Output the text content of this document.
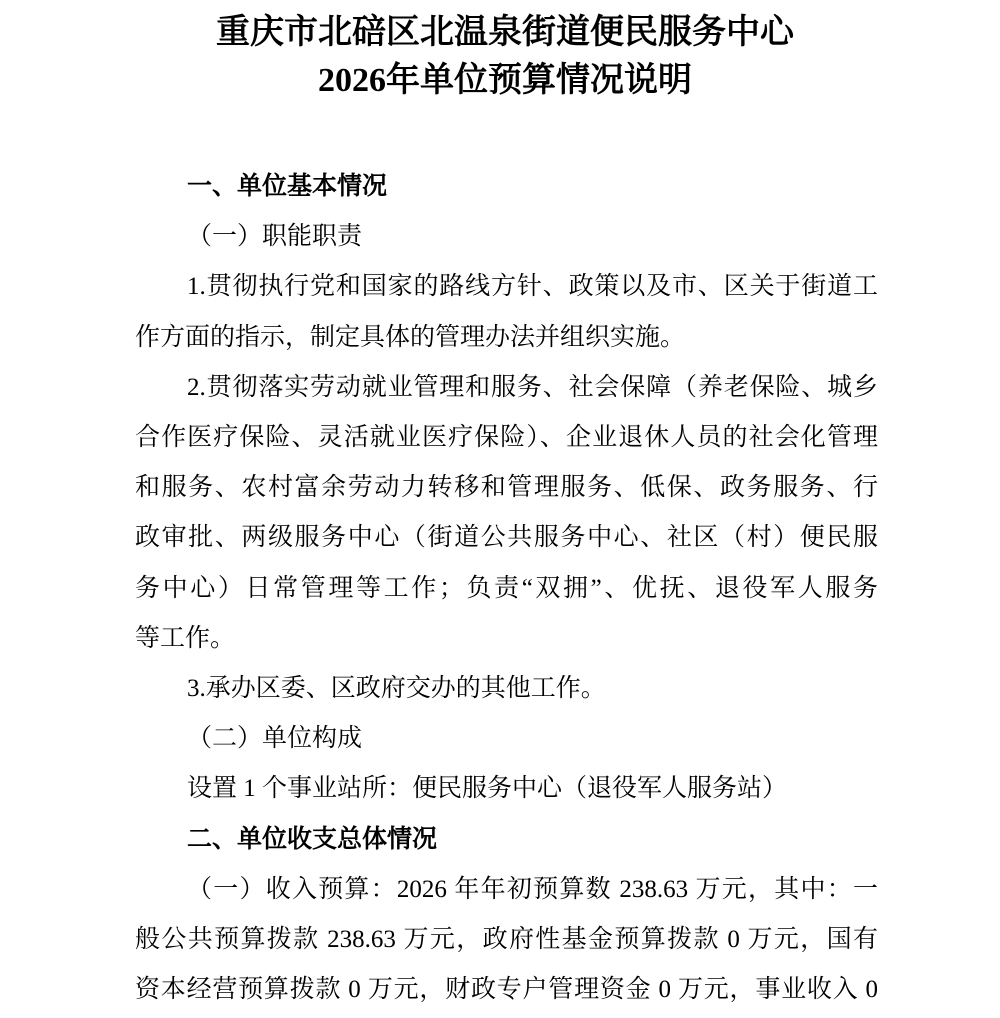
重庆市北碚区北温泉街道便民服务中心
2026年单位预算情况说明
一、单位基本情况
（一）职能职责
1.贯彻执行党和国家的路线方针、政策以及市、区关于街道工
作方面的指示，制定具体的管理办法并组织实施。
2.贯彻落实劳动就业管理和服务、社会保障（养老保险、城乡
合作医疗保险、灵活就业医疗保险）、企业退休人员的社会化管理
和服务、农村富余劳动力转移和管理服务、低保、政务服务、行
政审批、两级服务中心（街道公共服务中心、社区（村）便民服
务中心）日常管理等工作；负责“双拥”、优抚、退役军人服务
等工作。
3.承办区委、区政府交办的其他工作。
（二）单位构成
设置 1 个事业站所：便民服务中心（退役军人服务站）
二、单位收支总体情况
（一）收入预算：2026 年年初预算数 238.63 万元，其中：一
般公共预算拨款 238.63 万元，政府性基金预算拨款 0 万元，国有
资本经营预算拨款 0 万元，财政专户管理资金 0 万元，事业收入 0
